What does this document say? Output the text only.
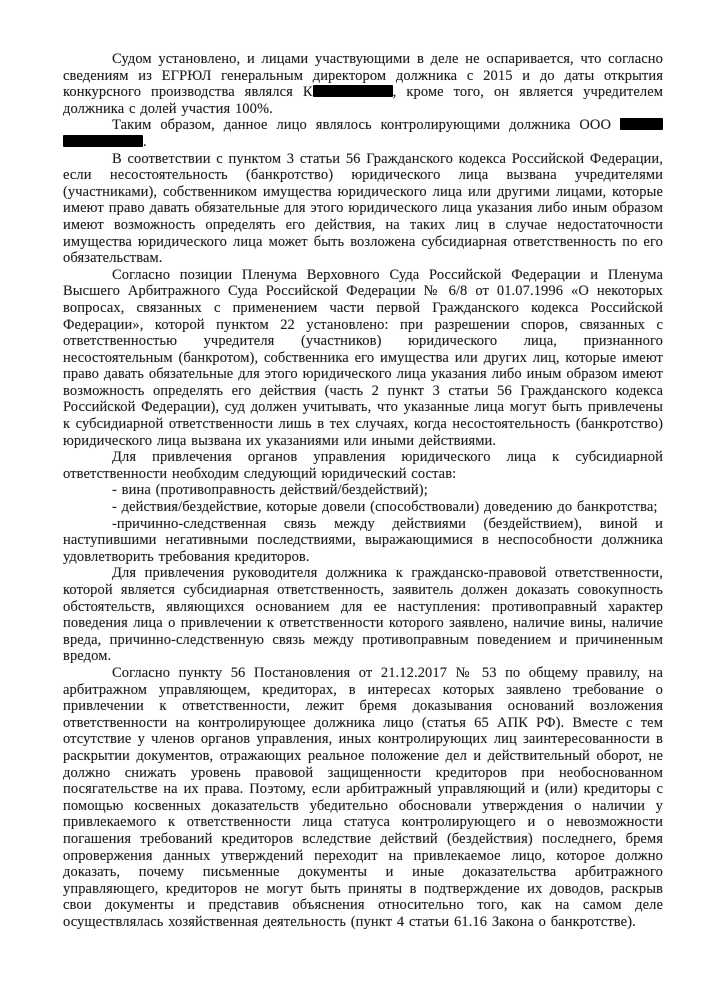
Судом установлено, и лицами участвующими в деле не оспаривается, что согласно сведениям из ЕГРЮЛ генеральным директором должника с 2015 и до даты открытия конкурсного производства являлся К	, кроме того, он является учредителем должника с долей участия 100%.

Таким образом, данное лицо являлось контролирующими должника ООО  .

В соответствии с пунктом 3 статьи 56 Гражданского кодекса Российской Федерации, если несостоятельность (банкротство) юридического лица вызвана учредителями (участниками), собственником имущества юридического лица или другими лицами, которые имеют право давать обязательные для этого юридического лица указания либо иным образом имеют возможность определять его действия, на таких лиц в случае недостаточности имущества юридического лица может быть возложена субсидиарная ответственность по его обязательствам.

Согласно позиции Пленума Верховного Суда Российской Федерации и Пленума Высшего Арбитражного Суда Российской Федерации № 6/8 от 01.07.1996 «О некоторых вопросах, связанных с применением части первой Гражданского кодекса Российской Федерации», которой пунктом 22 установлено: при разрешении споров, связанных с ответственностью учредителя (участников) юридического лица, признанного несостоятельным (банкротом), собственника его имущества или других лиц, которые имеют право давать обязательные для этого юридического лица указания либо иным образом имеют возможность определять его действия (часть 2 пункт 3 статьи 56 Гражданского кодекса Российской Федерации), суд должен учитывать, что указанные лица могут быть привлечены к субсидиарной ответственности лишь в тех случаях, когда несостоятельность (банкротство) юридического лица вызвана их указаниями или иными действиями.

Для привлечения органов управления юридического лица к субсидиарной ответственности необходим следующий юридический состав:

- вина (противоправность действий/бездействий);

- действия/бездействие, которые довели (способствовали) доведению до банкротства;

-причинно-следственная связь между действиями (бездействием), виной и наступившими негативными последствиями, выражающимися в неспособности должника удовлетворить требования кредиторов.

Для привлечения руководителя должника к гражданско-правовой ответственности, которой является субсидиарная ответственность, заявитель должен доказать совокупность обстоятельств, являющихся основанием для ее наступления: противоправный характер поведения лица о привлечении к ответственности которого заявлено, наличие вины, наличие вреда, причинно-следственную связь между противоправным поведением и причиненным вредом.

Согласно пункту 56 Постановления от 21.12.2017 № 53 по общему правилу, на арбитражном управляющем, кредиторах, в интересах которых заявлено требование о привлечении к ответственности, лежит бремя доказывания оснований возложения ответственности на контролирующее должника лицо (статья 65 АПК РФ). Вместе с тем отсутствие у членов органов управления, иных контролирующих лиц заинтересованности в раскрытии документов, отражающих реальное положение дел и действительный оборот, не должно снижать уровень правовой защищенности кредиторов при необоснованном посягательстве на их права. Поэтому, если арбитражный управляющий и (или) кредиторы с помощью косвенных доказательств убедительно обосновали утверждения о наличии у привлекаемого к ответственности лица статуса контролирующего и о невозможности погашения требований кредиторов вследствие действий (бездействия) последнего, бремя опровержения данных утверждений переходит на привлекаемое лицо, которое должно доказать, почему письменные документы и иные доказательства арбитражного управляющего, кредиторов не могут быть приняты в подтверждение их доводов, раскрыв свои документы и представив объяснения относительно того, как на самом деле осуществлялась хозяйственная деятельность (пункт 4 статьи 61.16 Закона о банкротстве).
